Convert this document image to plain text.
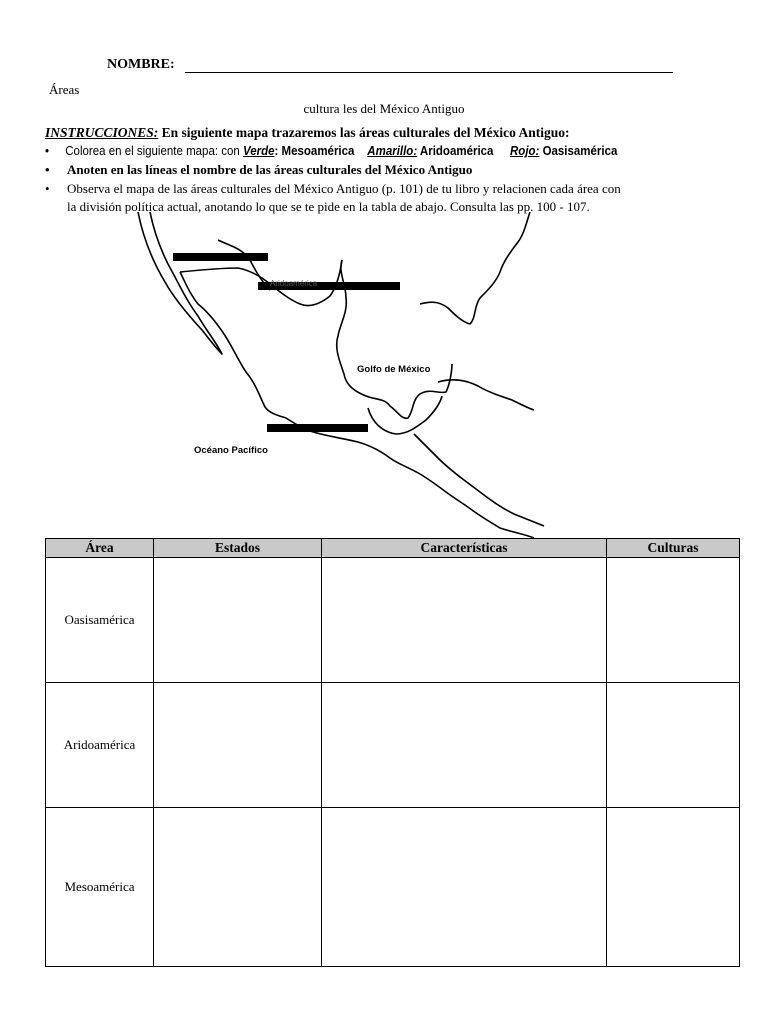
NOMBRE:
Áreas
cultura les del México Antiguo
INSTRUCCIONES: En siguiente mapa trazaremos las áreas culturales del México Antiguo:
• Colorea en el siguiente mapa: con Verde: Mesoamérica Amarillo: Aridoamérica Rojo: Oasisamérica
• Anoten en las líneas el nombre de las áreas culturales del México Antiguo
• Observa el mapa de las áreas culturales del México Antiguo (p. 101) de tu libro y relacionen cada área con
la división política actual, anotando lo que se te pide en la tabla de abajo. Consulta las pp. 100 - 107.
Aridoamérica
Golfo de México
Océano Pacífico
Área	Estados	Características	Culturas
Oasisamérica			
Aridoamérica			
Mesoamérica			
